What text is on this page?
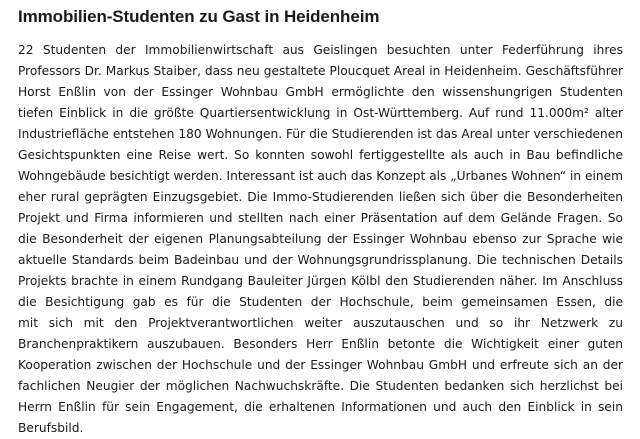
Immobilien-Studenten zu Gast in Heidenheim
22 Studenten der Immobilienwirtschaft aus Geislingen besuchten unter Federführung ihres
Professors Dr. Markus Staiber, dass neu gestaltete Ploucquet Areal in Heidenheim. Geschäftsführer
Horst Enßlin von der Essinger Wohnbau GmbH ermöglichte den wissenshungrigen Studenten
tiefen Einblick in die größte Quartiersentwicklung in Ost-Württemberg. Auf rund 11.000m² alter
Industriefläche entstehen 180 Wohnungen. Für die Studierenden ist das Areal unter verschiedenen
Gesichtspunkten eine Reise wert. So konnten sowohl fertiggestellte als auch in Bau befindliche
Wohngebäude besichtigt werden. Interessant ist auch das Konzept als „Urbanes Wohnen“ in einem
eher rural geprägten Einzugsgebiet. Die Immo-Studierenden ließen sich über die Besonderheiten
Projekt und Firma informieren und stellten nach einer Präsentation auf dem Gelände Fragen. So
die Besonderheit der eigenen Planungsabteilung der Essinger Wohnbau ebenso zur Sprache wie
aktuelle Standards beim Badeinbau und der Wohnungsgrundrissplanung. Die technischen Details
Projekts brachte in einem Rundgang Bauleiter Jürgen Kölbl den Studierenden näher. Im Anschluss
die Besichtigung gab es für die Studenten der Hochschule, beim gemeinsamen Essen, die
mit sich mit den Projektverantwortlichen weiter auszutauschen und so ihr Netzwerk zu
Branchenpraktikern auszubauen. Besonders Herr Enßlin betonte die Wichtigkeit einer guten
Kooperation zwischen der Hochschule und der Essinger Wohnbau GmbH und erfreute sich an der
fachlichen Neugier der möglichen Nachwuchskräfte. Die Studenten bedanken sich herzlichst bei
Herrn Enßlin für sein Engagement, die erhaltenen Informationen und auch den Einblick in sein
Berufsbild.
